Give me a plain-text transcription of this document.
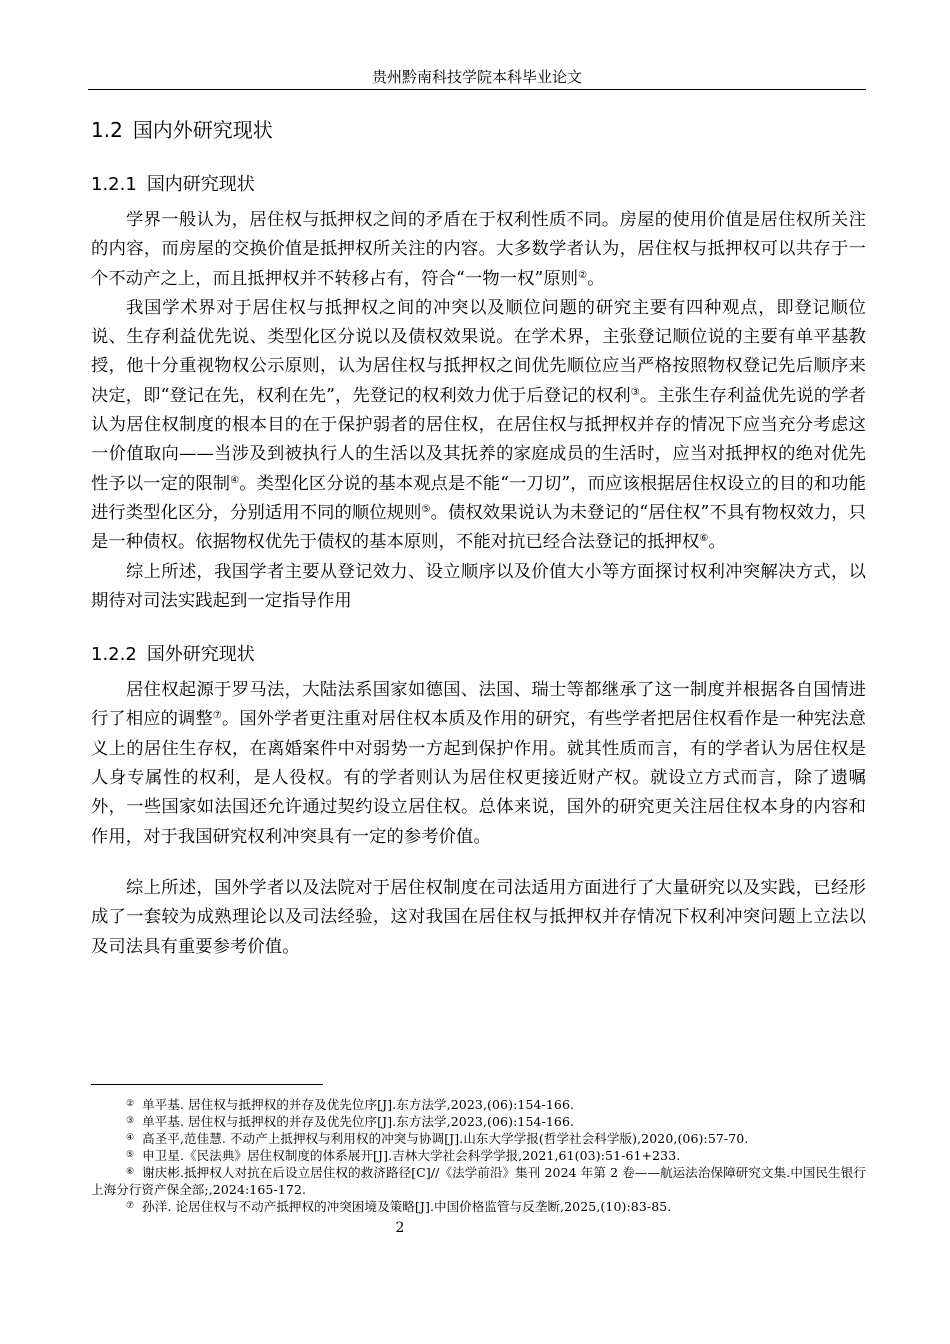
贵州黔南科技学院本科毕业论文
1.2 国内外研究现状
1.2.1 国内研究现状

学界一般认为，居住权与抵押权之间的矛盾在于权利性质不同。房屋的使用价值是居住权所关注的内容，而房屋的交换价值是抵押权所关注的内容。大多数学者认为，居住权与抵押权可以共存于一个不动产之上，而且抵押权并不转移占有，符合“一物一权”原则②。

我国学术界对于居住权与抵押权之间的冲突以及顺位问题的研究主要有四种观点，即登记顺位说、生存利益优先说、类型化区分说以及债权效果说。在学术界，主张登记顺位说的主要有单平基教授，他十分重视物权公示原则，认为居住权与抵押权之间优先顺位应当严格按照物权登记先后顺序来决定，即“登记在先，权利在先”，先登记的权利效力优于后登记的权利③。主张生存利益优先说的学者认为居住权制度的根本目的在于保护弱者的居住权，在居住权与抵押权并存的情况下应当充分考虑这一价值取向——当涉及到被执行人的生活以及其抚养的家庭成员的生活时，应当对抵押权的绝对优先性予以一定的限制④。类型化区分说的基本观点是不能“一刀切”，而应该根据居住权设立的目的和功能进行类型化区分，分别适用不同的顺位规则⑤。债权效果说认为未登记的“居住权”不具有物权效力，只是一种债权。依据物权优先于债权的基本原则，不能对抗已经合法登记的抵押权⑥。

综上所述，我国学者主要从登记效力、设立顺序以及价值大小等方面探讨权利冲突解决方式，以期待对司法实践起到一定指导作用

1.2.2 国外研究现状

居住权起源于罗马法，大陆法系国家如德国、法国、瑞士等都继承了这一制度并根据各自国情进行了相应的调整⑦。国外学者更注重对居住权本质及作用的研究，有些学者把居住权看作是一种宪法意义上的居住生存权，在离婚案件中对弱势一方起到保护作用。就其性质而言，有的学者认为居住权是人身专属性的权利，是人役权。有的学者则认为居住权更接近财产权。就设立方式而言，除了遗嘱外，一些国家如法国还允许通过契约设立居住权。总体来说，国外的研究更关注居住权本身的内容和作用，对于我国研究权利冲突具有一定的参考价值。

综上所述，国外学者以及法院对于居住权制度在司法适用方面进行了大量研究以及实践，已经形成了一套较为成熟理论以及司法经验，这对我国在居住权与抵押权并存情况下权利冲突问题上立法以及司法具有重要参考价值。

② 单平基. 居住权与抵押权的并存及优先位序[J].东方法学,2023,(06):154-166.

③ 单平基. 居住权与抵押权的并存及优先位序[J].东方法学,2023,(06):154-166.

④ 高圣平,范佳慧. 不动产上抵押权与利用权的冲突与协调[J].山东大学学报(哲学社会科学版),2020,(06):57-70.

⑤ 申卫星.《民法典》居住权制度的体系展开[J].吉林大学社会科学学报,2021,61(03):51-61+233.

⑥ 谢庆彬.抵押权人对抗在后设立居住权的救济路径[C]//《法学前沿》集刊 2024 年第 2 卷——航运法治保障研究文集.中国民生银行上海分行资产保全部;,2024:165-172.

⑦ 孙洋. 论居住权与不动产抵押权的冲突困境及策略[J].中国价格监管与反垄断,2025,(10):83-85.

2
